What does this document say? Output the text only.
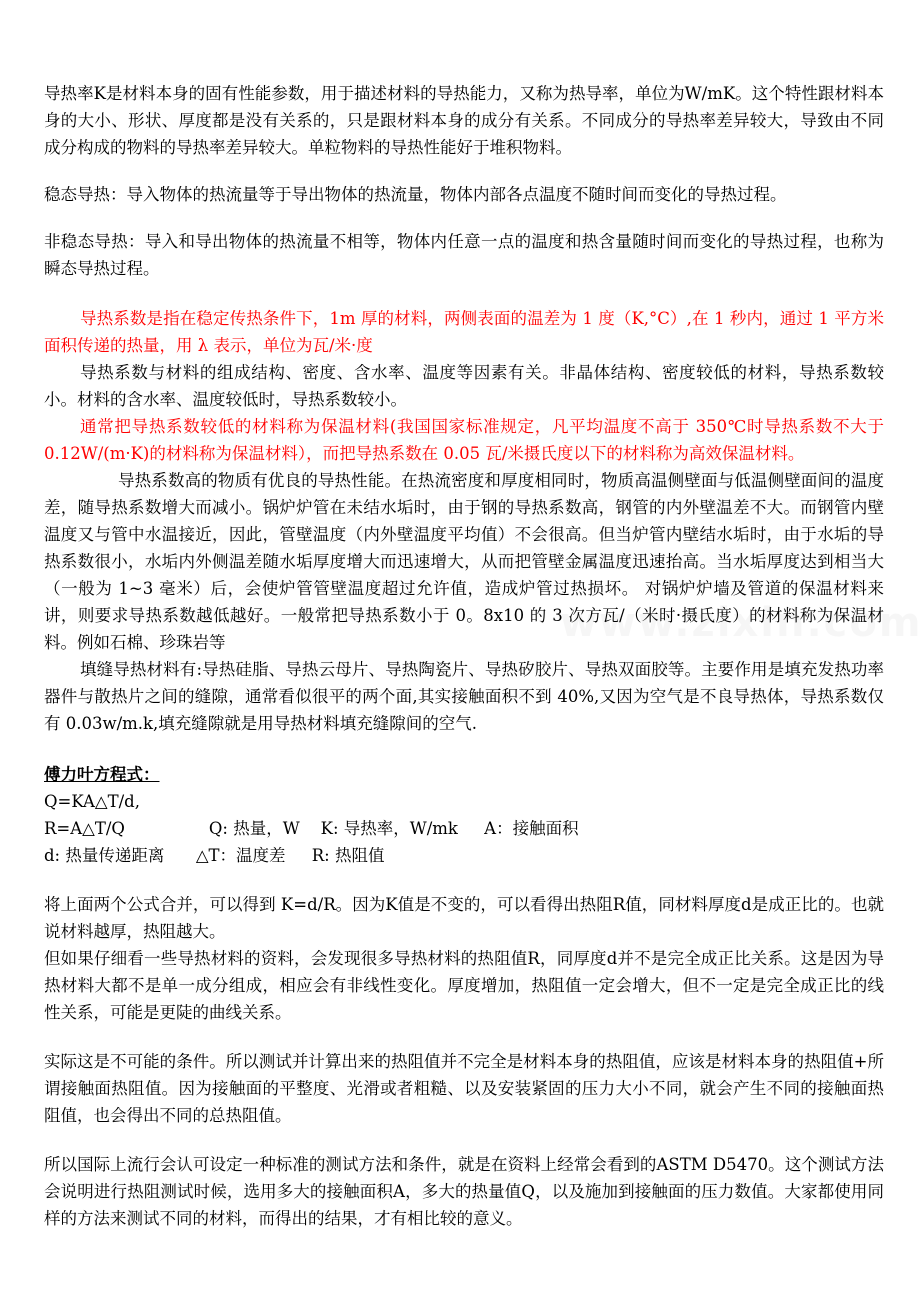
导热率K是材料本身的固有性能参数，用于描述材料的导热能力，又称为热导率，单位为W/mK。这个特性跟材料本身的大小、形状、厚度都是没有关系的，只是跟材料本身的成分有关系。不同成分的导热率差异较大，导致由不同成分构成的物料的导热率差异较大。单粒物料的导热性能好于堆积物料。

稳态导热：导入物体的热流量等于导出物体的热流量，物体内部各点温度不随时间而变化的导热过程。

非稳态导热：导入和导出物体的热流量不相等，物体内任意一点的温度和热含量随时间而变化的导热过程，也称为瞬态导热过程。

导热系数是指在稳定传热条件下，1m 厚的材料，两侧表面的温差为 1 度（K,°C）,在 1 秒内，通过 1 平方米面积传递的热量，用 λ 表示，单位为瓦/米·度

导热系数与材料的组成结构、密度、含水率、温度等因素有关。非晶体结构、密度较低的材料，导热系数较小。材料的含水率、温度较低时，导热系数较小。

通常把导热系数较低的材料称为保温材料(我国国家标准规定，凡平均温度不高于 350℃时导热系数不大于 0.12W/(m·K)的材料称为保温材料），而把导热系数在 0.05 瓦/米摄氏度以下的材料称为高效保温材料。

导热系数高的物质有优良的导热性能。在热流密度和厚度相同时，物质高温侧壁面与低温侧壁面间的温度差，随导热系数增大而减小。锅炉炉管在未结水垢时，由于钢的导热系数高，钢管的内外壁温差不大。而钢管内壁温度又与管中水温接近，因此，管壁温度（内外壁温度平均值）不会很高。但当炉管内壁结水垢时，由于水垢的导热系数很小，水垢内外侧温差随水垢厚度增大而迅速增大，从而把管壁金属温度迅速抬高。当水垢厚度达到相当大（一般为 1~3 毫米）后，会使炉管管壁温度超过允许值，造成炉管过热损坏。 对锅炉炉墙及管道的保温材料来讲，则要求导热系数越低越好。一般常把导热系数小于 0。8x10 的 3 次方瓦/（米时·摄氏度）的材料称为保温材料。例如石棉、珍珠岩等

填缝导热材料有:导热硅脂、导热云母片、导热陶瓷片、导热矽胶片、导热双面胶等。主要作用是填充发热功率器件与散热片之间的缝隙，通常看似很平的两个面,其实接触面积不到 40%,又因为空气是不良导热体，导热系数仅有 0.03w/m.k,填充缝隙就是用导热材料填充缝隙间的空气.

傅力叶方程式：

Q=KA△T/d,
R=A△T/Q                Q: 热量，W    K: 导热率，W/mk     A：接触面积
d: 热量传递距离      △T：温度差     R: 热阻值

将上面两个公式合并，可以得到 K=d/R。因为K值是不变的，可以看得出热阻R值，同材料厚度d是成正比的。也就说材料越厚，热阻越大。

但如果仔细看一些导热材料的资料，会发现很多导热材料的热阻值R，同厚度d并不是完全成正比关系。这是因为导热材料大都不是单一成分组成，相应会有非线性变化。厚度增加，热阻值一定会增大，但不一定是完全成正比的线性关系，可能是更陡的曲线关系。

实际这是不可能的条件。所以测试并计算出来的热阻值并不完全是材料本身的热阻值，应该是材料本身的热阻值+所谓接触面热阻值。因为接触面的平整度、光滑或者粗糙、以及安装紧固的压力大小不同，就会产生不同的接触面热阻值，也会得出不同的总热阻值。

所以国际上流行会认可设定一种标准的测试方法和条件，就是在资料上经常会看到的ASTM D5470。这个测试方法会说明进行热阻测试时候，选用多大的接触面积A，多大的热量值Q，以及施加到接触面的压力数值。大家都使用同样的方法来测试不同的材料，而得出的结果，才有相比较的意义。
